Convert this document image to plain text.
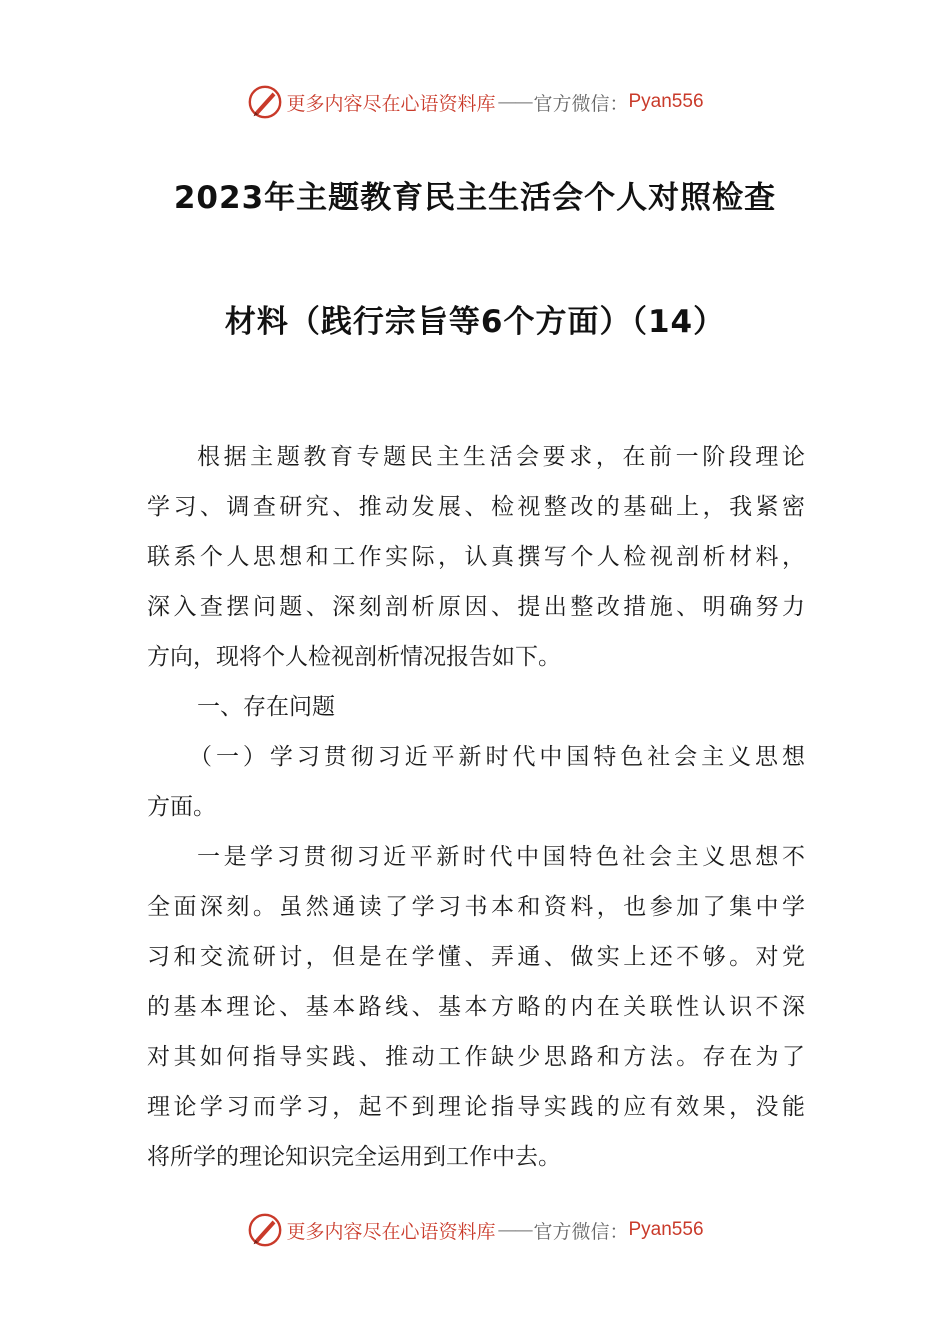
更多内容尽在心语资料库 —— 官方微信： Pyan556
2023年主题教育民主生活会个人对照检查
材料（践行宗旨等6个方面）（14）
根据主题教育专题民主生活会要求，在前一阶段理论
学习、调查研究、推动发展、检视整改的基础上，我紧密
联系个人思想和工作实际，认真撰写个人检视剖析材料，
深入查摆问题、深刻剖析原因、提出整改措施、明确努力
方向，现将个人检视剖析情况报告如下。
一、存在问题
（一）学习贯彻习近平新时代中国特色社会主义思想
方面。
一是学习贯彻习近平新时代中国特色社会主义思想不
全面深刻。虽然通读了学习书本和资料，也参加了集中学
习和交流研讨，但是在学懂、弄通、做实上还不够。对党
的基本理论、基本路线、基本方略的内在关联性认识不深
对其如何指导实践、推动工作缺少思路和方法。存在为了
理论学习而学习，起不到理论指导实践的应有效果，没能
将所学的理论知识完全运用到工作中去。
更多内容尽在心语资料库 —— 官方微信： Pyan556
